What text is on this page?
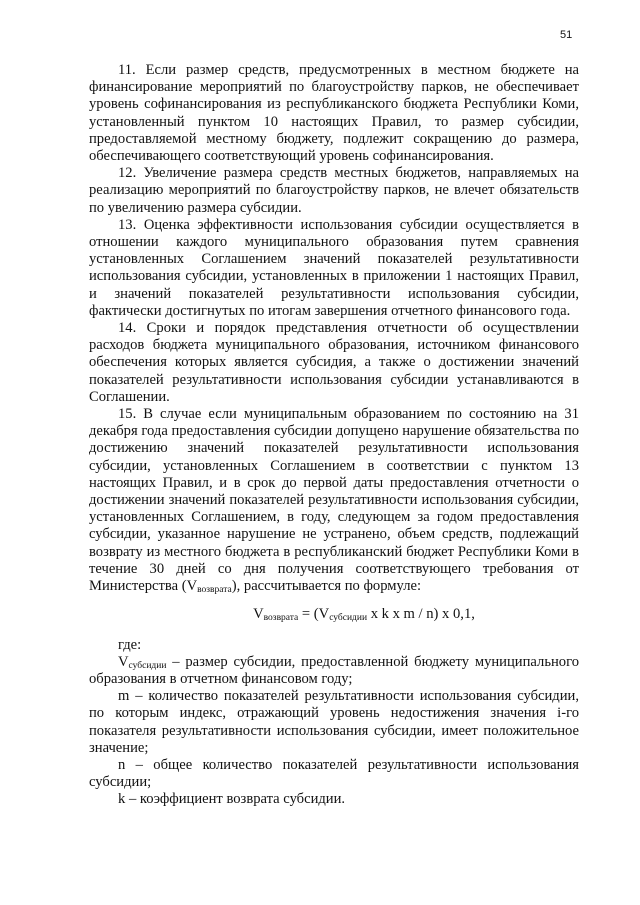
51

11. Если размер средств, предусмотренных в местном бюджете на финансирование мероприятий по благоустройству парков, не обеспечивает уровень софинансирования из республиканского бюджета Республики Коми, установленный пунктом 10 настоящих Правил, то размер субсидии, предоставляемой местному бюджету, подлежит сокращению до размера, обеспечивающего соответствующий уровень софинансирования.

12. Увеличение размера средств местных бюджетов, направляемых на реализацию мероприятий по благоустройству парков, не влечет обязательств по увеличению размера субсидии.

13. Оценка эффективности использования субсидии осуществляется в отношении каждого муниципального образования путем сравнения установленных Соглашением значений показателей результативности использования субсидии, установленных в приложении 1 настоящих Правил, и значений показателей результативности использования субсидии, фактически достигнутых по итогам завершения отчетного финансового года.

14. Сроки и порядок представления отчетности об осуществлении расходов бюджета муниципального образования, источником финансового обеспечения которых является субсидия, а также о достижении значений показателей результативности использования субсидии устанавливаются в Соглашении.

15. В случае если муниципальным образованием по состоянию на 31 декабря года предоставления субсидии допущено нарушение обязательства по достижению значений показателей результативности использования субсидии, установленных Соглашением в соответствии с пунктом 13 настоящих Правил, и в срок до первой даты предоставления отчетности о достижении значений показателей результативности использования субсидии, установленных Соглашением, в году, следующем за годом предоставления субсидии, указанное нарушение не устранено, объем средств, подлежащий возврату из местного бюджета в республиканский бюджет Республики Коми в течение 30 дней со дня получения соответствующего требования от Министерства $(V_{возврата})$, рассчитывается по формуле:

$V_{возврата} = (V_{субсидии}$ x k x m / n) x 0,1,

где:

$V_{субсидии}$ – размер субсидии, предоставленной бюджету муниципального образования в отчетном финансовом году;

m – количество показателей результативности использования субсидии, по которым индекс, отражающий уровень недостижения значения i-го показателя результативности использования субсидии, имеет положительное значение;

n – общее количество показателей результативности использования субсидии;

k – коэффициент возврата субсидии.
